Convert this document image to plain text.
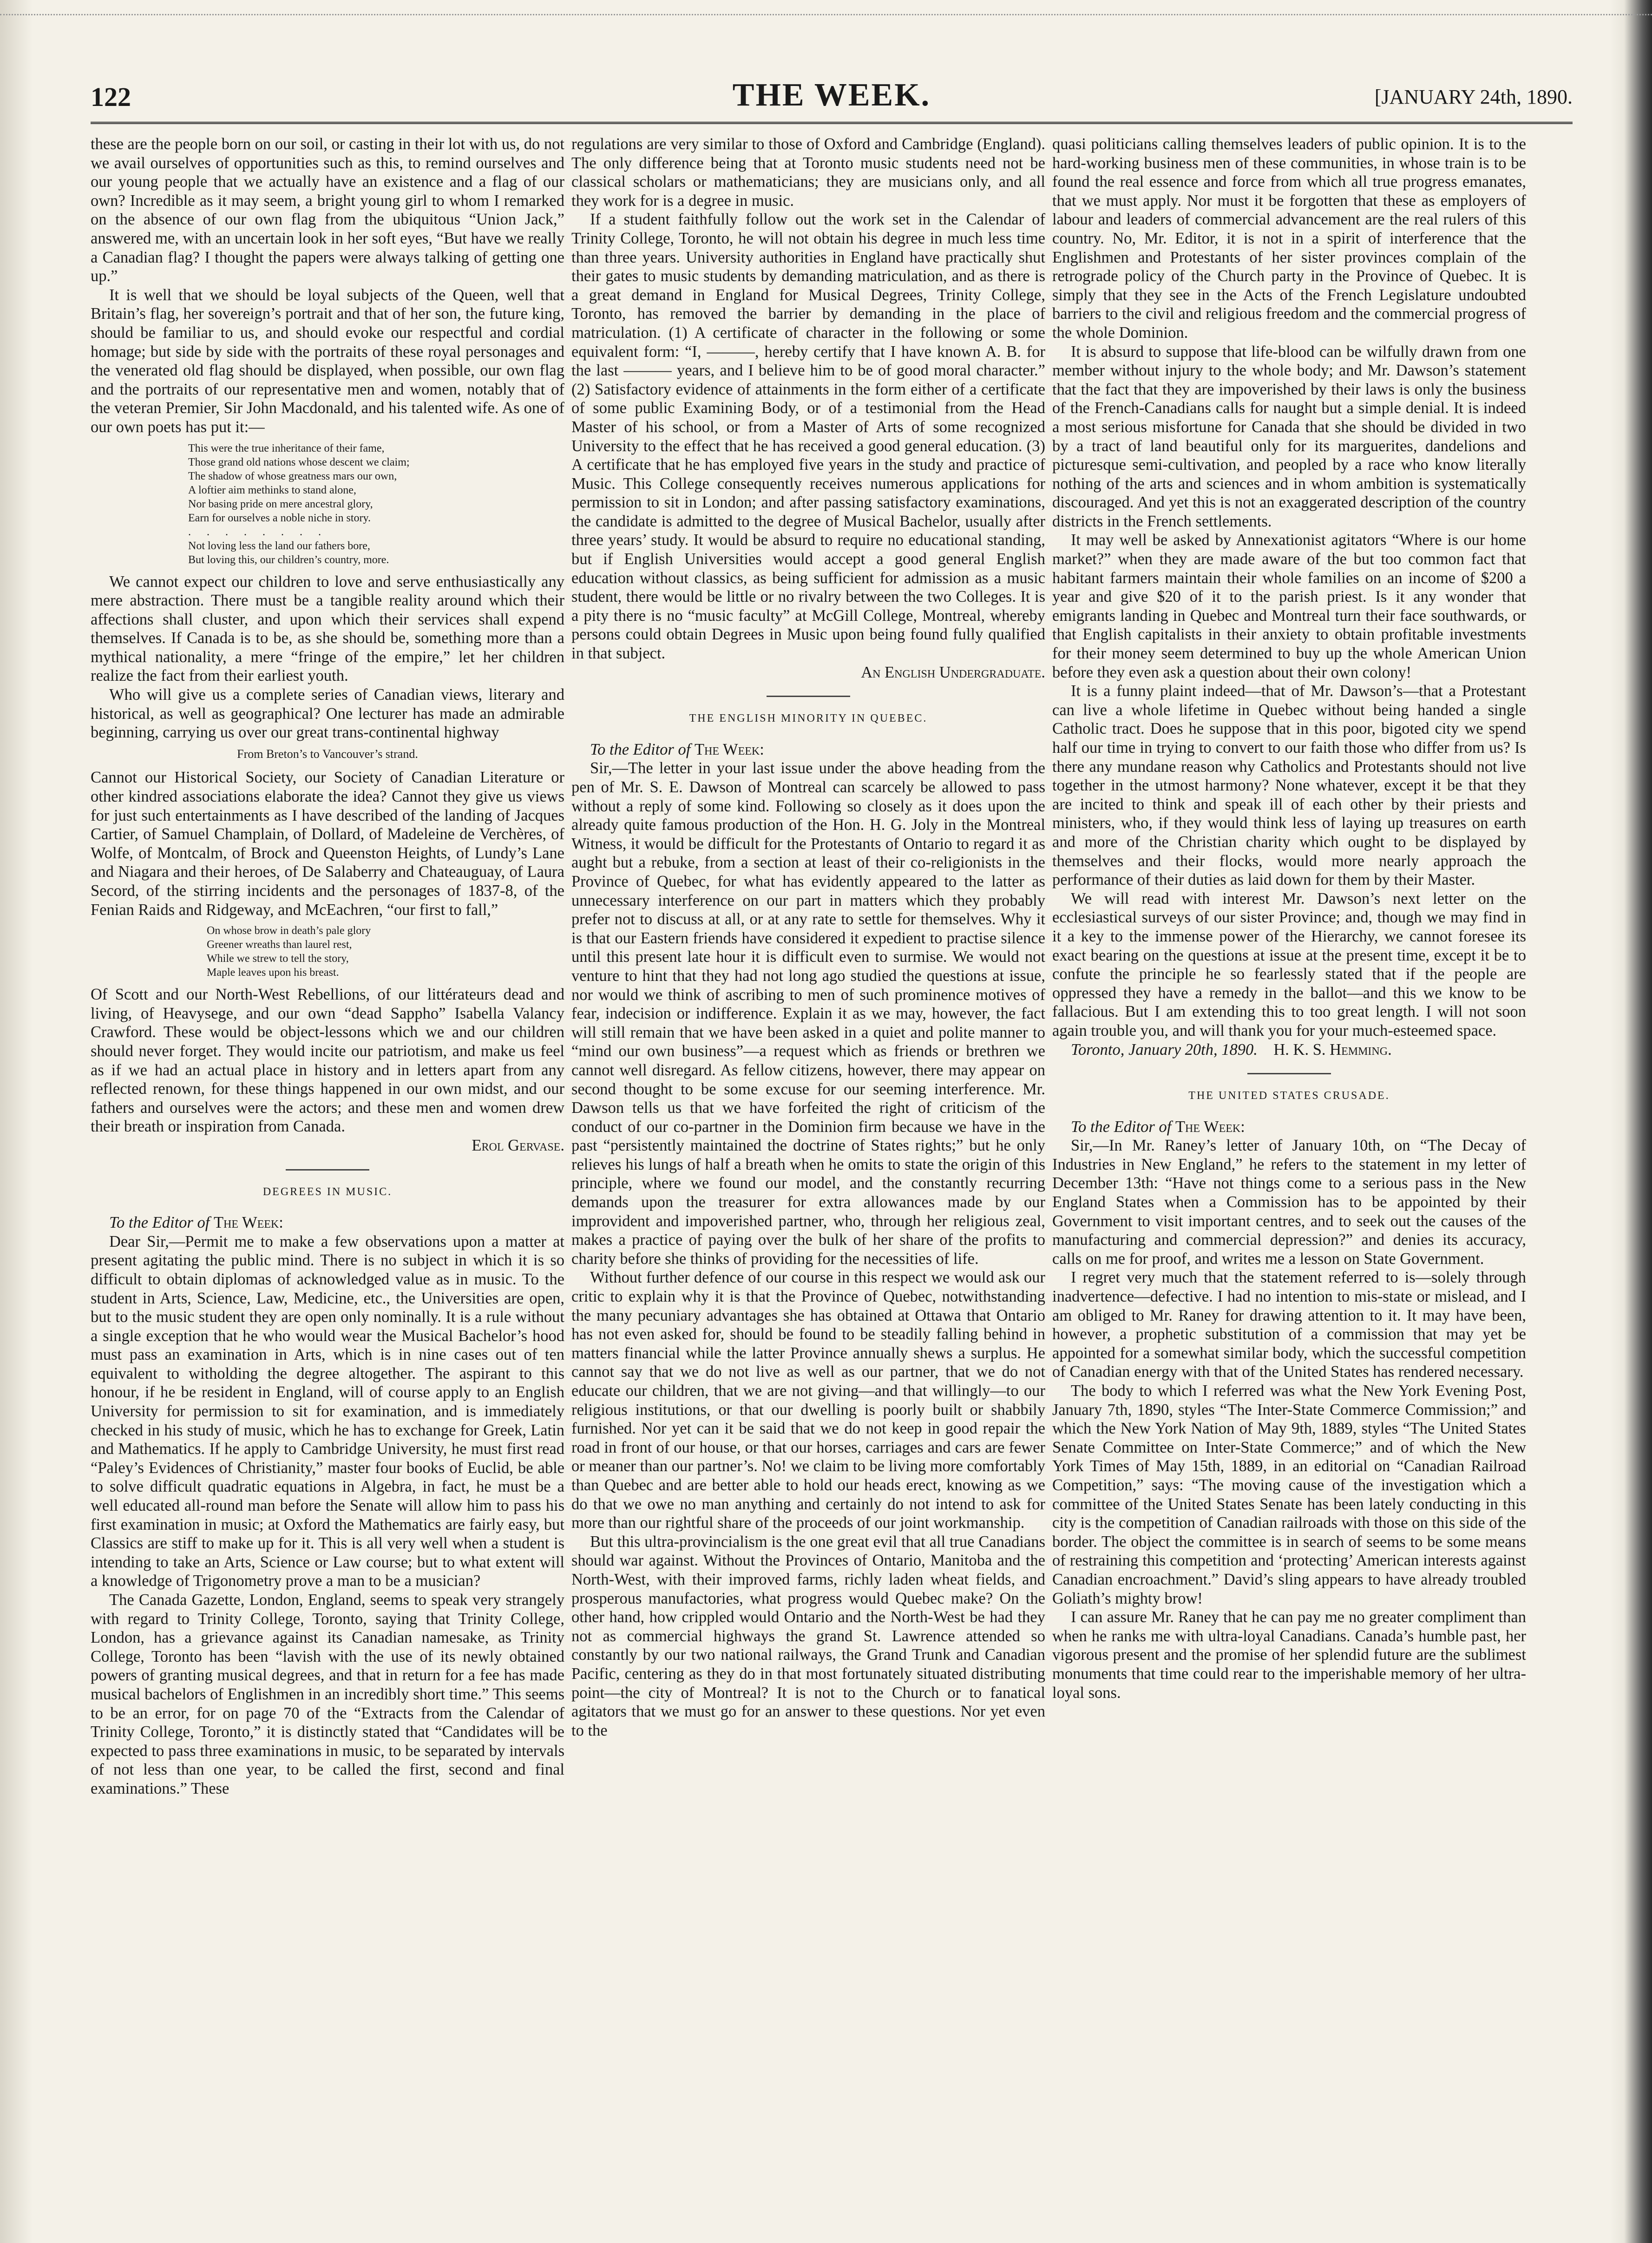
122	THE WEEK.	[JANUARY 24th, 1890.

these are the people born on our soil, or casting in their lot with us, do not we avail ourselves of opportunities such as this, to remind ourselves and our young people that we actually have an existence and a flag of our own? Incredible as it may seem, a bright young girl to whom I remarked on the absence of our own flag from the ubiquitous “Union Jack,” answered me, with an uncertain look in her soft eyes, “But have we really a Canadian flag? I thought the papers were always talking of getting one up.”

It is well that we should be loyal subjects of the Queen, well that Britain’s flag, her sovereign’s portrait and that of her son, the future king, should be familiar to us, and should evoke our respectful and cordial homage; but side by side with the portraits of these royal personages and the venerated old flag should be displayed, when possible, our own flag and the portraits of our representative men and women, notably that of the veteran Premier, Sir John Macdonald, and his talented wife. As one of our own poets has put it:—

This were the true inheritance of their fame,
Those grand old nations whose descent we claim;
The shadow of whose greatness mars our own,
A loftier aim methinks to stand alone,
Nor basing pride on mere ancestral glory,
Earn for ourselves a noble niche in story.
. . . . . . . .
Not loving less the land our fathers bore,
But loving this, our children’s country, more.

We cannot expect our children to love and serve enthusiastically any mere abstraction. There must be a tangible reality around which their affections shall cluster, and upon which their services shall expend themselves. If Canada is to be, as she should be, something more than a mythical nationality, a mere “fringe of the empire,” let her children realize the fact from their earliest youth.

Who will give us a complete series of Canadian views, literary and historical, as well as geographical? One lecturer has made an admirable beginning, carrying us over our great trans-continental highway

From Breton’s to Vancouver’s strand.

Cannot our Historical Society, our Society of Canadian Literature or other kindred associations elaborate the idea? Cannot they give us views for just such entertainments as I have described of the landing of Jacques Cartier, of Samuel Champlain, of Dollard, of Madeleine de Verchères, of Wolfe, of Montcalm, of Brock and Queenston Heights, of Lundy’s Lane and Niagara and their heroes, of De Salaberry and Chateauguay, of Laura Secord, of the stirring incidents and the personages of 1837-8, of the Fenian Raids and Ridgeway, and McEachren, “our first to fall,”

On whose brow in death’s pale glory
Greener wreaths than laurel rest,
While we strew to tell the story,
Maple leaves upon his breast.

Of Scott and our North-West Rebellions, of our littérateurs dead and living, of Heavysege, and our own “dead Sappho” Isabella Valancy Crawford. These would be object-lessons which we and our children should never forget. They would incite our patriotism, and make us feel as if we had an actual place in history and in letters apart from any reflected renown, for these things happened in our own midst, and our fathers and ourselves were the actors; and these men and women drew their breath or inspiration from Canada.

Erol Gervase.
DEGREES IN MUSIC.

To the Editor of The Week:

Dear Sir,—Permit me to make a few observations upon a matter at present agitating the public mind. There is no subject in which it is so difficult to obtain diplomas of acknowledged value as in music. To the student in Arts, Science, Law, Medicine, etc., the Universities are open, but to the music student they are open only nominally. It is a rule without a single exception that he who would wear the Musical Bachelor’s hood must pass an examination in Arts, which is in nine cases out of ten equivalent to witholding the degree altogether. The aspirant to this honour, if he be resident in England, will of course apply to an English University for permission to sit for examination, and is immediately checked in his study of music, which he has to exchange for Greek, Latin and Mathematics. If he apply to Cambridge University, he must first read “Paley’s Evidences of Christianity,” master four books of Euclid, be able to solve difficult quadratic equations in Algebra, in fact, he must be a well educated all-round man before the Senate will allow him to pass his first examination in music; at Oxford the Mathematics are fairly easy, but Classics are stiff to make up for it. This is all very well when a student is intending to take an Arts, Science or Law course; but to what extent will a knowledge of Trigonometry prove a man to be a musician?

The Canada Gazette, London, England, seems to speak very strangely with regard to Trinity College, Toronto, saying that Trinity College, London, has a grievance against its Canadian namesake, as Trinity College, Toronto has been “lavish with the use of its newly obtained powers of granting musical degrees, and that in return for a fee has made musical bachelors of Englishmen in an incredibly short time.” This seems to be an error, for on page 70 of the “Extracts from the Calendar of Trinity College, Toronto,” it is distinctly stated that “Candidates will be expected to pass three examinations in music, to be separated by intervals of not less than one year, to be called the first, second and final examinations.” These

regulations are very similar to those of Oxford and Cambridge (England). The only difference being that at Toronto music students need not be classical scholars or mathematicians; they are musicians only, and all they work for is a degree in music.

If a student faithfully follow out the work set in the Calendar of Trinity College, Toronto, he will not obtain his degree in much less time than three years. University authorities in England have practically shut their gates to music students by demanding matriculation, and as there is a great demand in England for Musical Degrees, Trinity College, Toronto, has removed the barrier by demanding in the place of matriculation. (1) A certificate of character in the following or some equivalent form: “I, ———, hereby certify that I have known A. B. for the last ——— years, and I believe him to be of good moral character.” (2) Satisfactory evidence of attainments in the form either of a certificate of some public Examining Body, or of a testimonial from the Head Master of his school, or from a Master of Arts of some recognized University to the effect that he has received a good general education. (3) A certificate that he has employed five years in the study and practice of Music. This College consequently receives numerous applications for permission to sit in London; and after passing satisfactory examinations, the candidate is admitted to the degree of Musical Bachelor, usually after three years’ study. It would be absurd to require no educational standing, but if English Universities would accept a good general English education without classics, as being sufficient for admission as a music student, there would be little or no rivalry between the two Colleges. It is a pity there is no “music faculty” at McGill College, Montreal, whereby persons could obtain Degrees in Music upon being found fully qualified in that subject.

An English Undergraduate.
THE ENGLISH MINORITY IN QUEBEC.

To the Editor of The Week:

Sir,—The letter in your last issue under the above heading from the pen of Mr. S. E. Dawson of Montreal can scarcely be allowed to pass without a reply of some kind. Following so closely as it does upon the already quite famous production of the Hon. H. G. Joly in the Montreal Witness, it would be difficult for the Protestants of Ontario to regard it as aught but a rebuke, from a section at least of their co-religionists in the Province of Quebec, for what has evidently appeared to the latter as unnecessary interference on our part in matters which they probably prefer not to discuss at all, or at any rate to settle for themselves. Why it is that our Eastern friends have considered it expedient to practise silence until this present late hour it is difficult even to surmise. We would not venture to hint that they had not long ago studied the questions at issue, nor would we think of ascribing to men of such prominence motives of fear, indecision or indifference. Explain it as we may, however, the fact will still remain that we have been asked in a quiet and polite manner to “mind our own business”—a request which as friends or brethren we cannot well disregard. As fellow citizens, however, there may appear on second thought to be some excuse for our seeming interference. Mr. Dawson tells us that we have forfeited the right of criticism of the conduct of our co-partner in the Dominion firm because we have in the past “persistently maintained the doctrine of States rights;” but he only relieves his lungs of half a breath when he omits to state the origin of this principle, where we found our model, and the constantly recurring demands upon the treasurer for extra allowances made by our improvident and impoverished partner, who, through her religious zeal, makes a practice of paying over the bulk of her share of the profits to charity before she thinks of providing for the necessities of life.

Without further defence of our course in this respect we would ask our critic to explain why it is that the Province of Quebec, notwithstanding the many pecuniary advantages she has obtained at Ottawa that Ontario has not even asked for, should be found to be steadily falling behind in matters financial while the latter Province annually shews a surplus. He cannot say that we do not live as well as our partner, that we do not educate our children, that we are not giving—and that willingly—to our religious institutions, or that our dwelling is poorly built or shabbily furnished. Nor yet can it be said that we do not keep in good repair the road in front of our house, or that our horses, carriages and cars are fewer or meaner than our partner’s. No! we claim to be living more comfortably than Quebec and are better able to hold our heads erect, knowing as we do that we owe no man anything and certainly do not intend to ask for more than our rightful share of the proceeds of our joint workmanship.

But this ultra-provincialism is the one great evil that all true Canadians should war against. Without the Provinces of Ontario, Manitoba and the North-West, with their improved farms, richly laden wheat fields, and prosperous manufactories, what progress would Quebec make? On the other hand, how crippled would Ontario and the North-West be had they not as commercial highways the grand St. Lawrence attended so constantly by our two national railways, the Grand Trunk and Canadian Pacific, centering as they do in that most fortunately situated distributing point—the city of Montreal? It is not to the Church or to fanatical agitators that we must go for an answer to these questions. Nor yet even to the

quasi politicians calling themselves leaders of public opinion. It is to the hard-working business men of these communities, in whose train is to be found the real essence and force from which all true progress emanates, that we must apply. Nor must it be forgotten that these as employers of labour and leaders of commercial advancement are the real rulers of this country. No, Mr. Editor, it is not in a spirit of interference that the Englishmen and Protestants of her sister provinces complain of the retrograde policy of the Church party in the Province of Quebec. It is simply that they see in the Acts of the French Legislature undoubted barriers to the civil and religious freedom and the commercial progress of the whole Dominion.

It is absurd to suppose that life-blood can be wilfully drawn from one member without injury to the whole body; and Mr. Dawson’s statement that the fact that they are impoverished by their laws is only the business of the French-Canadians calls for naught but a simple denial. It is indeed a most serious misfortune for Canada that she should be divided in two by a tract of land beautiful only for its marguerites, dandelions and picturesque semi-cultivation, and peopled by a race who know literally nothing of the arts and sciences and in whom ambition is systematically discouraged. And yet this is not an exaggerated description of the country districts in the French settlements.

It may well be asked by Annexationist agitators “Where is our home market?” when they are made aware of the but too common fact that habitant farmers maintain their whole families on an income of $200 a year and give $20 of it to the parish priest. Is it any wonder that emigrants landing in Quebec and Montreal turn their face southwards, or that English capitalists in their anxiety to obtain profitable investments for their money seem determined to buy up the whole American Union before they even ask a question about their own colony!

It is a funny plaint indeed—that of Mr. Dawson’s—that a Protestant can live a whole lifetime in Quebec without being handed a single Catholic tract. Does he suppose that in this poor, bigoted city we spend half our time in trying to convert to our faith those who differ from us? Is there any mundane reason why Catholics and Protestants should not live together in the utmost harmony? None whatever, except it be that they are incited to think and speak ill of each other by their priests and ministers, who, if they would think less of laying up treasures on earth and more of the Christian charity which ought to be displayed by themselves and their flocks, would more nearly approach the performance of their duties as laid down for them by their Master.

We will read with interest Mr. Dawson’s next letter on the ecclesiastical surveys of our sister Province; and, though we may find in it a key to the immense power of the Hierarchy, we cannot foresee its exact bearing on the questions at issue at the present time, except it be to confute the principle he so fearlessly stated that if the people are oppressed they have a remedy in the ballot—and this we know to be fallacious. But I am extending this to too great length. I will not soon again trouble you, and will thank you for your much-esteemed space.

Toronto, January 20th, 1890. H. K. S. Hemming.

THE UNITED STATES CRUSADE.

To the Editor of The Week:

Sir,—In Mr. Raney’s letter of January 10th, on “The Decay of Industries in New England,” he refers to the statement in my letter of December 13th: “Have not things come to a serious pass in the New England States when a Commission has to be appointed by their Government to visit important centres, and to seek out the causes of the manufacturing and commercial depression?” and denies its accuracy, calls on me for proof, and writes me a lesson on State Government.

I regret very much that the statement referred to is—solely through inadvertence—defective. I had no intention to mis-state or mislead, and I am obliged to Mr. Raney for drawing attention to it. It may have been, however, a prophetic substitution of a commission that may yet be appointed for a somewhat similar body, which the successful competition of Canadian energy with that of the United States has rendered necessary.

The body to which I referred was what the New York Evening Post, January 7th, 1890, styles “The Inter-State Commerce Commission;” and which the New York Nation of May 9th, 1889, styles “The United States Senate Committee on Inter-State Commerce;” and of which the New York Times of May 15th, 1889, in an editorial on “Canadian Railroad Competition,” says: “The moving cause of the investigation which a committee of the United States Senate has been lately conducting in this city is the competition of Canadian railroads with those on this side of the border. The object the committee is in search of seems to be some means of restraining this competition and ‘protecting’ American interests against Canadian encroachment.” David’s sling appears to have already troubled Goliath’s mighty brow!

I can assure Mr. Raney that he can pay me no greater compliment than when he ranks me with ultra-loyal Canadians. Canada’s humble past, her vigorous present and the promise of her splendid future are the sublimest monuments that time could rear to the imperishable memory of her ultra-loyal sons.
